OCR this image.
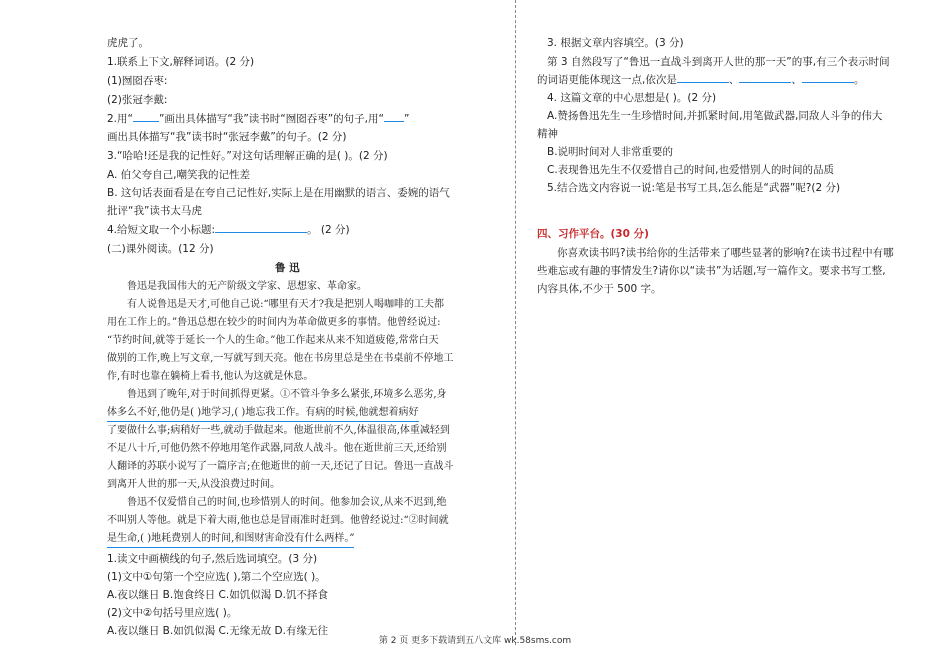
虎虎了。
1.联系上下文,解释词语。(2 分)
(1)囫囵吞枣:
(2)张冠李戴:
2.用“ ”画出具体描写“我”读书时“囫囵吞枣”的句子,用“ ”
画出具体描写“我”读书时“张冠李戴”的句子。(2 分)
3.“哈哈!还是我的记性好。”对这句话理解正确的是( )。(2 分)
A. 伯父夸自己,嘲笑我的记性差
B. 这句话表面看是在夸自己记性好,实际上是在用幽默的语言、委婉的语气
批评“我”读书太马虎
4.给短文取一个小标题:	。 (2 分)
(二)课外阅读。(12 分)
鲁 迅
鲁迅是我国伟大的无产阶级文学家、思想家、革命家。
有人说鲁迅是天才,可他自己说:“哪里有天才?我是把别人喝咖啡的工夫都
用在工作上的。”鲁迅总想在较少的时间内为革命做更多的事情。他曾经说过:
“节约时间,就等于延长一个人的生命。”他工作起来从来不知道疲倦,常常白天
做别的工作,晚上写文章,一写就写到天亮。他在书房里总是坐在书桌前不停地工
作,有时也靠在躺椅上看书,他认为这就是休息。
鲁迅到了晚年,对于时间抓得更紧。①不管斗争多么紧张,环境多么恶劣,身
体多么不好,他仍是( )地学习,( )地忘我工作。有病的时候,他就想着病好
了要做什么事;病稍好一些,就动手做起来。他逝世前不久,体温很高,体重减轻到
不足八十斤,可他仍然不停地用笔作武器,同敌人战斗。他在逝世前三天,还给别
人翻译的苏联小说写了一篇序言;在他逝世的前一天,还记了日记。鲁迅一直战斗
到离开人世的那一天,从没浪费过时间。
鲁迅不仅爱惜自己的时间,也珍惜别人的时间。他参加会议,从来不迟到,绝
不叫别人等他。就是下着大雨,他也总是冒雨准时赶到。他曾经说过:“②时间就
是生命,( )地耗费别人的时间,和图财害命没有什么两样。”
1.读文中画横线的句子,然后选词填空。(3 分)
(1)文中①句第一个空应选( ),第二个空应选( )。
A.夜以继日 B.饱食终日 C.如饥似渴 D.饥不择食
(2)文中②句括号里应选( )。
A.夜以继日 B.如饥似渴 C.无缘无故 D.有缘无往
3. 根据文章内容填空。(3 分)
第 3 自然段写了“鲁迅一直战斗到离开人世的那一天”的事,有三个表示时间
的词语更能体现这一点,依次是	、	、	。
4. 这篇文章的中心思想是( )。(2 分)
A.赞扬鲁迅先生一生珍惜时间,并抓紧时间,用笔做武器,同敌人斗争的伟大
精神
B.说明时间对人非常重要的
C.表现鲁迅先生不仅爱惜自己的时间,也爱惜别人的时间的品质
5.结合选文内容说一说:笔是书写工具,怎么能是“武器”呢?(2 分)
四、习作平台。(30 分)
你喜欢读书吗?读书给你的生活带来了哪些显著的影响?在读书过程中有哪
些难忘或有趣的事情发生?请你以“读书”为话题,写一篇作文。要求书写工整,
内容具体,不少于 500 字。
第 2 页 更多下载请到五八文库 wk.58sms.com
